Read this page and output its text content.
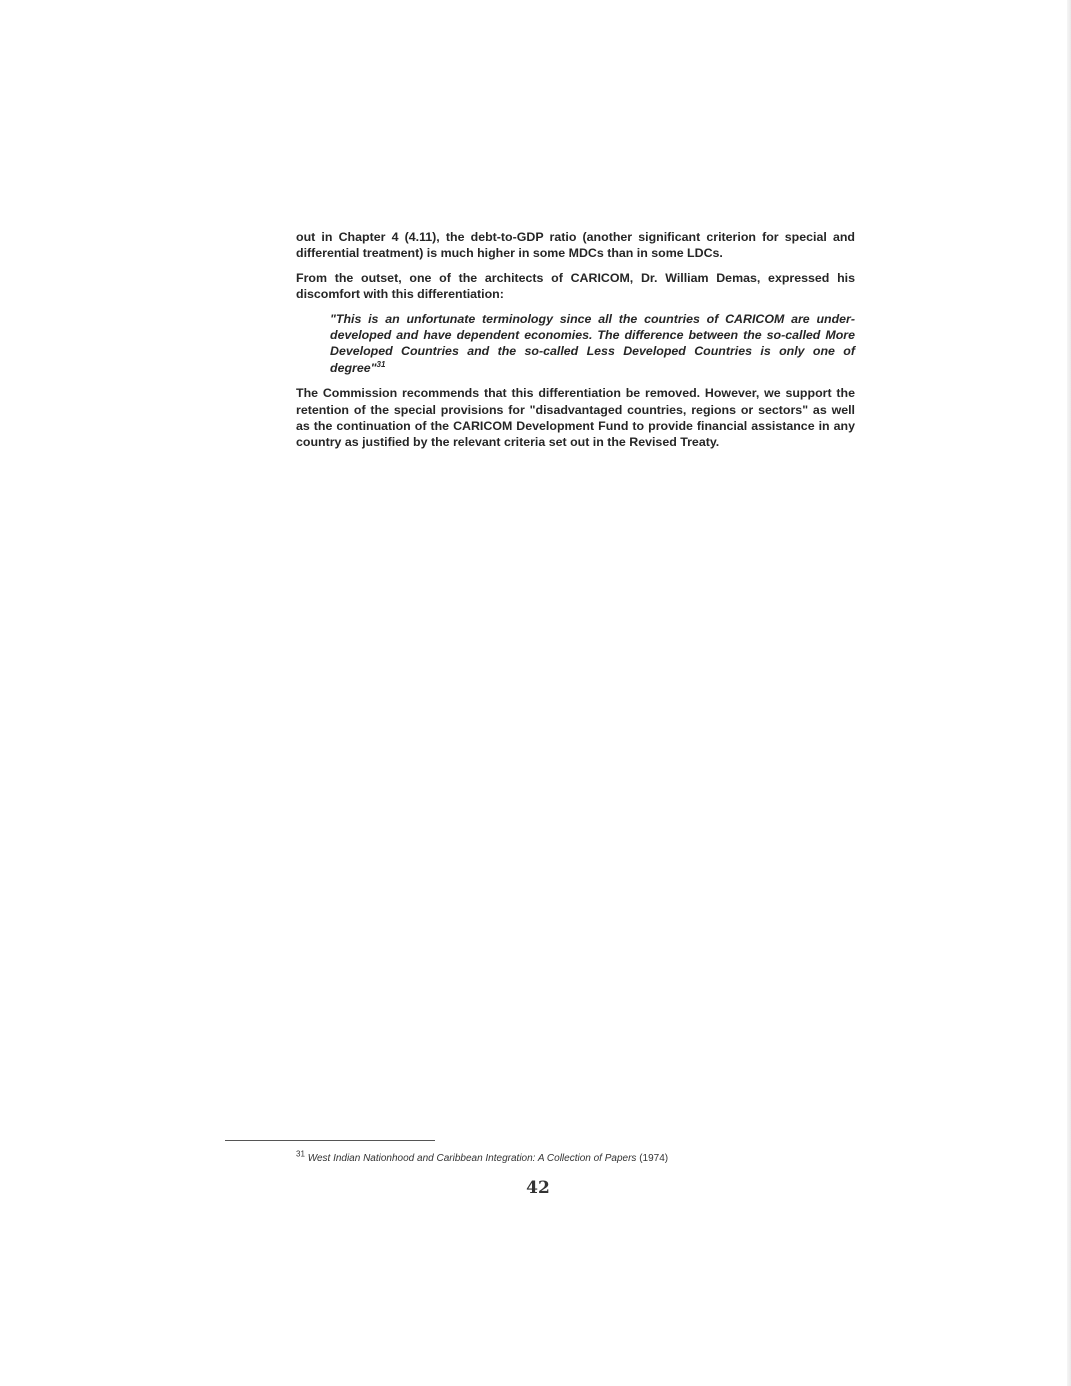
out in Chapter 4 (4.11), the debt-to-GDP ratio (another significant criterion for special and differential treatment) is much higher in some MDCs than in some LDCs.

From the outset, one of the architects of CARICOM, Dr. William Demas, expressed his discomfort with this differentiation:

"This is an unfortunate terminology since all the countries of CARICOM are under-developed and have dependent economies. The difference between the so-called More Developed Countries and the so-called Less Developed Countries is only one of degree"$^{31}$

The Commission recommends that this differentiation be removed. However, we support the retention of the special provisions for "disadvantaged countries, regions or sectors" as well as the continuation of the CARICOM Development Fund to provide financial assistance in any country as justified by the relevant criteria set out in the Revised Treaty.

$^{31}$ West Indian Nationhood and Caribbean Integration: A Collection of Papers (1974)
42
